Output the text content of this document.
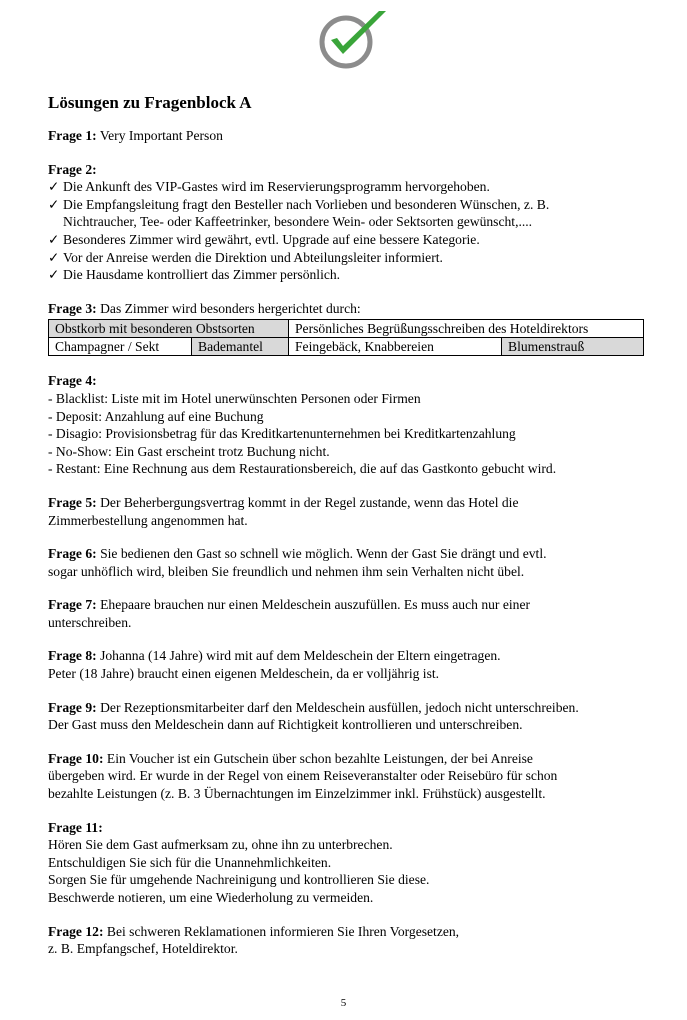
Lösungen zu Fragenblock A

Frage 1: Very Important Person

Frage 2:

✓ Die Ankunft des VIP-Gastes wird im Reservierungsprogramm hervorgehoben.
✓ Die Empfangsleitung fragt den Besteller nach Vorlieben und besonderen Wünschen, z. B.
Nichtraucher, Tee- oder Kaffeetrinker, besondere Wein- oder Sektsorten gewünscht,....
✓ Besonderes Zimmer wird gewährt, evtl. Upgrade auf eine bessere Kategorie.
✓ Vor der Anreise werden die Direktion und Abteilungsleiter informiert.
✓ Die Hausdame kontrolliert das Zimmer persönlich.

Frage 3: Das Zimmer wird besonders hergerichtet durch:

Obstkorb mit besonderen Obstsorten		Persönliches Begrüßungsschreiben des Hoteldirektors	
Champagner / Sekt	Bademantel	Feingebäck, Knabbereien	Blumenstrauß

Frage 4:

- Blacklist: Liste mit im Hotel unerwünschten Personen oder Firmen
- Deposit: Anzahlung auf eine Buchung
- Disagio: Provisionsbetrag für das Kreditkartenunternehmen bei Kreditkartenzahlung
- No-Show: Ein Gast erscheint trotz Buchung nicht.
- Restant: Eine Rechnung aus dem Restaurationsbereich, die auf das Gastkonto gebucht wird.
Frage 5: Der Beherbergungsvertrag kommt in der Regel zustande, wenn das Hotel die
Zimmerbestellung angenommen hat.
Frage 6: Sie bedienen den Gast so schnell wie möglich. Wenn der Gast Sie drängt und evtl.
sogar unhöflich wird, bleiben Sie freundlich und nehmen ihm sein Verhalten nicht übel.
Frage 7: Ehepaare brauchen nur einen Meldeschein auszufüllen. Es muss auch nur einer
unterschreiben.
Frage 8: Johanna (14 Jahre) wird mit auf dem Meldeschein der Eltern eingetragen.
Peter (18 Jahre) braucht einen eigenen Meldeschein, da er volljährig ist.
Frage 9: Der Rezeptionsmitarbeiter darf den Meldeschein ausfüllen, jedoch nicht unterschreiben.
Der Gast muss den Meldeschein dann auf Richtigkeit kontrollieren und unterschreiben.
Frage 10: Ein Voucher ist ein Gutschein über schon bezahlte Leistungen, der bei Anreise
übergeben wird. Er wurde in der Regel von einem Reiseveranstalter oder Reisebüro für schon
bezahlte Leistungen (z. B. 3 Übernachtungen im Einzelzimmer inkl. Frühstück) ausgestellt.
Frage 11:
Hören Sie dem Gast aufmerksam zu, ohne ihn zu unterbrechen.
Entschuldigen Sie sich für die Unannehmlichkeiten.
Sorgen Sie für umgehende Nachreinigung und kontrollieren Sie diese.
Beschwerde notieren, um eine Wiederholung zu vermeiden.
Frage 12: Bei schweren Reklamationen informieren Sie Ihren Vorgesetzen,
z. B. Empfangschef, Hoteldirektor.
5
